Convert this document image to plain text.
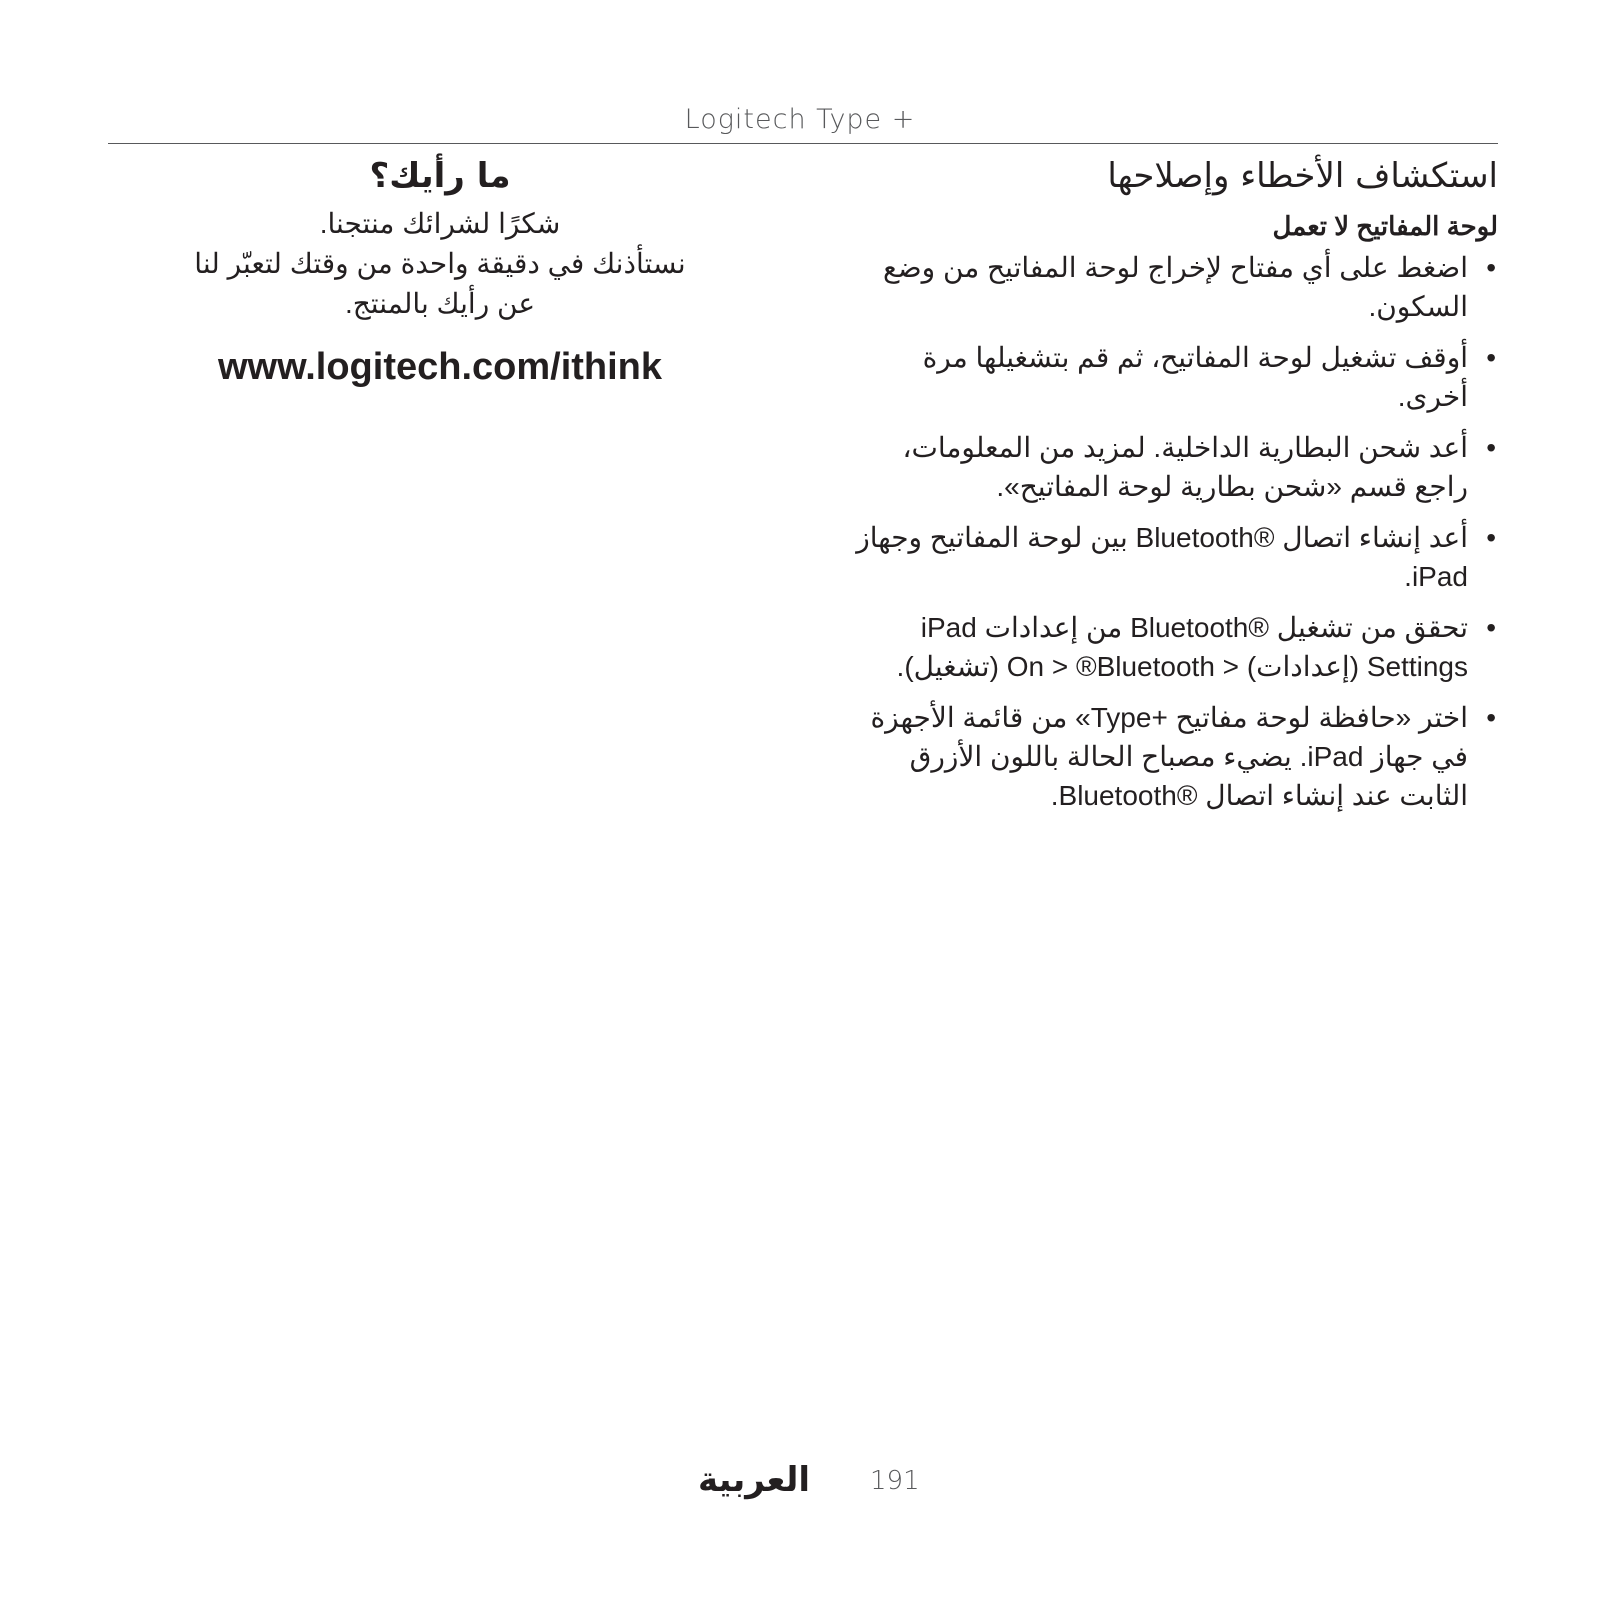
Logitech Type +
استكشاف الأخطاء وإصلاحها
لوحة المفاتيح لا تعمل
• اضغط على أي مفتاح لإخراج لوحة المفاتيح من وضع السكون.
• أوقف تشغيل لوحة المفاتيح، ثم قم بتشغيلها مرة أخرى.
• أعد شحن البطارية الداخلية. لمزيد من المعلومات، راجع قسم «شحن بطارية لوحة المفاتيح».
• أعد إنشاء اتصال ®Bluetooth بين لوحة المفاتيح وجهاز iPad.
• تحقق من تشغيل ®Bluetooth من إعدادات iPad Settings (إعدادات) < On > ®Bluetooth (تشغيل).
• اختر «حافظة لوحة مفاتيح +Type» من قائمة الأجهزة في جهاز iPad. يضيء مصباح الحالة باللون الأزرق الثابت عند إنشاء اتصال ®Bluetooth.
ما رأيك؟

شكرًا لشرائك منتجنا.

نستأذنك في دقيقة واحدة من وقتك لتعبّر لنا عن رأيك بالمنتج.

www.logitech.com/ithink
العربية 191
